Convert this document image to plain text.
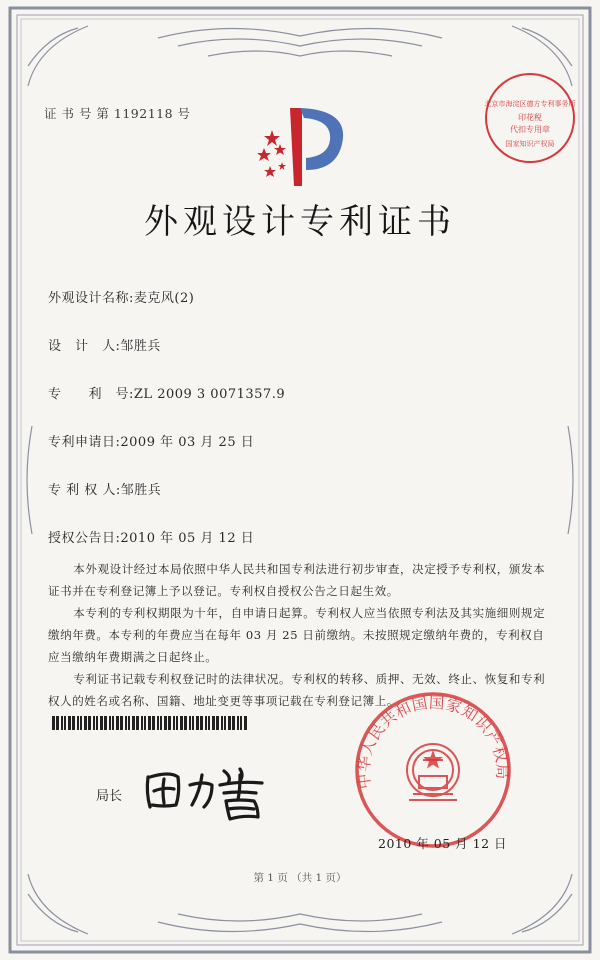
证 书 号 第 1192118 号
北京市海淀区德方专利事务所
印花税
代扣专用章
国家知识产权局
外观设计专利证书
外观设计名称:麦克风(2)
设　计　人:邹胜兵
专　　利　号:ZL 2009 3 0071357.9
专利申请日:2009 年 03 月 25 日
专 利 权 人:邹胜兵
授权公告日:2010 年 05 月 12 日
本外观设计经过本局依照中华人民共和国专利法进行初步审查，决定授予专利权，颁发本证书并在专利登记簿上予以登记。专利权自授权公告之日起生效。
本专利的专利权期限为十年，自申请日起算。专利权人应当依照专利法及其实施细则规定缴纳年费。本专利的年费应当在每年 03 月 25 日前缴纳。未按照规定缴纳年费的，专利权自应当缴纳年费期满之日起终止。
专利证书记载专利权登记时的法律状况。专利权的转移、质押、无效、终止、恢复和专利权人的姓名或名称、国籍、地址变更等事项记载在专利登记簿上。
局长
中华人民共和国国家知识产权局
2010 年 05 月 12 日
第 1 页 （共 1 页）
